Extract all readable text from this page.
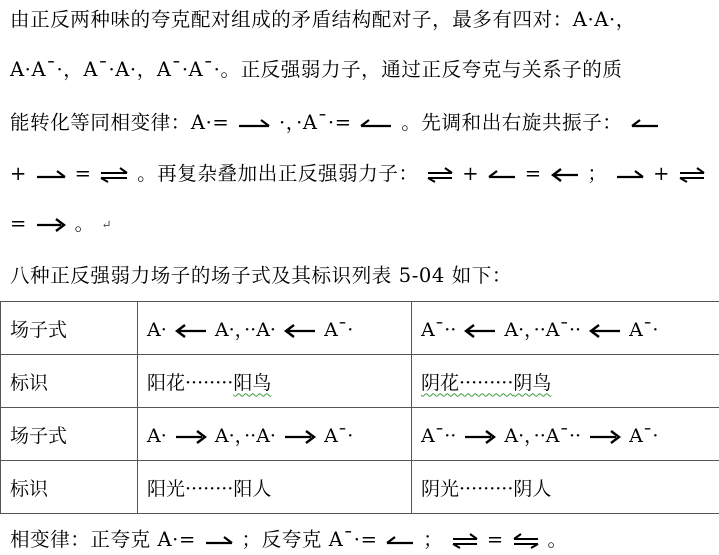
由正反两种味的夸克配对组成的矛盾结构配对子，最多有四对：A·A·，
A·A¯·，A¯·A·，A¯·A¯·。正反强弱力子，通过正反夸克与关系子的质
能转化等同相变律：A·=	·，·A¯·=	。先调和出右旋共振子：
+ = 。再复杂叠加出正反强弱力子： + = ； +
= 。 ↵
八种正反强弱力场子的场子式及其标识列表 5-04 如下：
场子式	A· A·，··A· A¯·	A¯·· A·，··A¯·· A¯·
标识	阳花········阳鸟	阴花·········阴鸟
场子式	A· A·，··A· A¯·	A¯·· A·，··A¯·· A¯·
标识	阳光········阳人	阴光·········阴人
相变律：正夸克 A·= ；反夸克 A¯·= ； = 。
